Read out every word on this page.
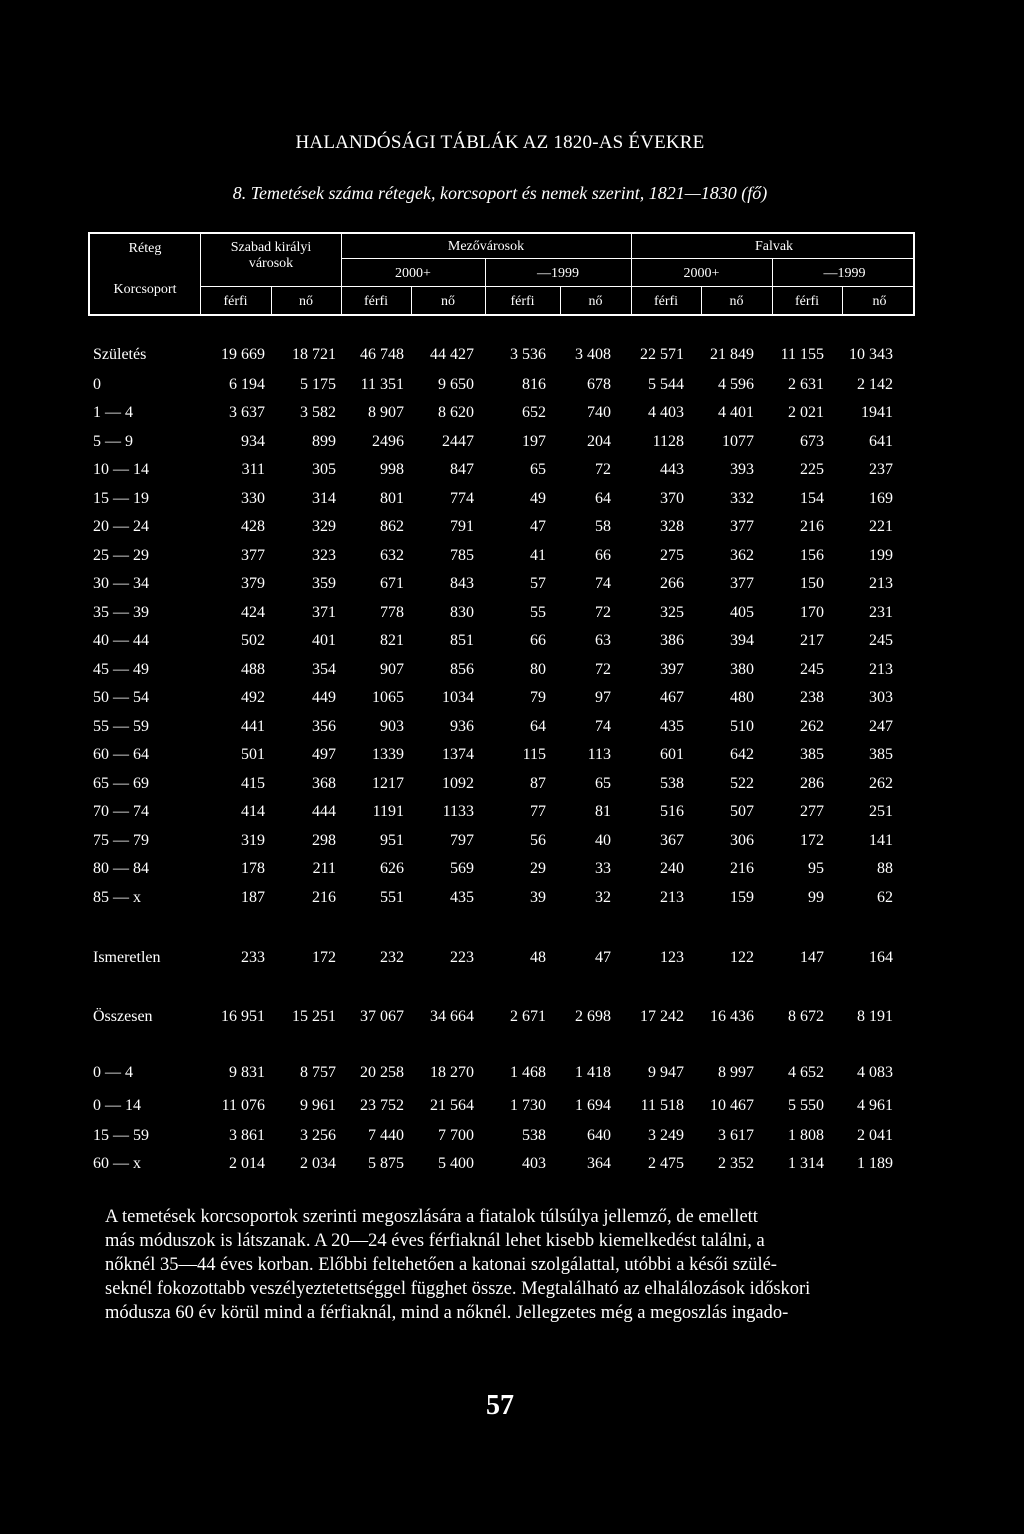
HALANDÓSÁGI TÁBLÁK AZ 1820-AS ÉVEKRE
8. Temetések száma rétegek, korcsoport és nemek szerint, 1821—1830 (fő)
Réteg
Korcsoport
Szabad királyi városok
Mezővárosok	Falvak
2000+	—1999	2000+	—1999
férfi	nő	férfi	nő	férfi	nő	férfi	nő	férfi	nő
Születés	19 669	18 721	46 748	44 427	3 536	3 408	22 571	21 849	11 155	10 343
0	6 194	5 175	11 351	9 650	816	678	5 544	4 596	2 631	2 142
1 — 4	3 637	3 582	8 907	8 620	652	740	4 403	4 401	2 021	1941
5 — 9	934	899	2496	2447	197	204	1128	1077	673	641
10 — 14	311	305	998	847	65	72	443	393	225	237
15 — 19	330	314	801	774	49	64	370	332	154	169
20 — 24	428	329	862	791	47	58	328	377	216	221
25 — 29	377	323	632	785	41	66	275	362	156	199
30 — 34	379	359	671	843	57	74	266	377	150	213
35 — 39	424	371	778	830	55	72	325	405	170	231
40 — 44	502	401	821	851	66	63	386	394	217	245
45 — 49	488	354	907	856	80	72	397	380	245	213
50 — 54	492	449	1065	1034	79	97	467	480	238	303
55 — 59	441	356	903	936	64	74	435	510	262	247
60 — 64	501	497	1339	1374	115	113	601	642	385	385
65 — 69	415	368	1217	1092	87	65	538	522	286	262
70 — 74	414	444	1191	1133	77	81	516	507	277	251
75 — 79	319	298	951	797	56	40	367	306	172	141
80 — 84	178	211	626	569	29	33	240	216	95	88
85 — x	187	216	551	435	39	32	213	159	99	62
Ismeretlen	233	172	232	223	48	47	123	122	147	164
Összesen	16 951	15 251	37 067	34 664	2 671	2 698	17 242	16 436	8 672	8 191
0 — 4	9 831	8 757	20 258	18 270	1 468	1 418	9 947	8 997	4 652	4 083
0 — 14	11 076	9 961	23 752	21 564	1 730	1 694	11 518	10 467	5 550	4 961
15 — 59	3 861	3 256	7 440	7 700	538	640	3 249	3 617	1 808	2 041
60 — x	2 014	2 034	5 875	5 400	403	364	2 475	2 352	1 314	1 189

A temetések korcsoportok szerinti megoszlására a fiatalok túlsúlya jellemző, de emellett

más móduszok is látszanak. A 20—24 éves férfiaknál lehet kisebb kiemelkedést találni, a

nőknél 35—44 éves korban. Előbbi feltehetően a katonai szolgálattal, utóbbi a késői szülé-

seknél fokozottabb veszélyeztetettséggel függhet össze. Megtalálható az elhalálozások időskori

módusza 60 év körül mind a férfiaknál, mind a nőknél. Jellegzetes még a megoszlás ingado-

57
